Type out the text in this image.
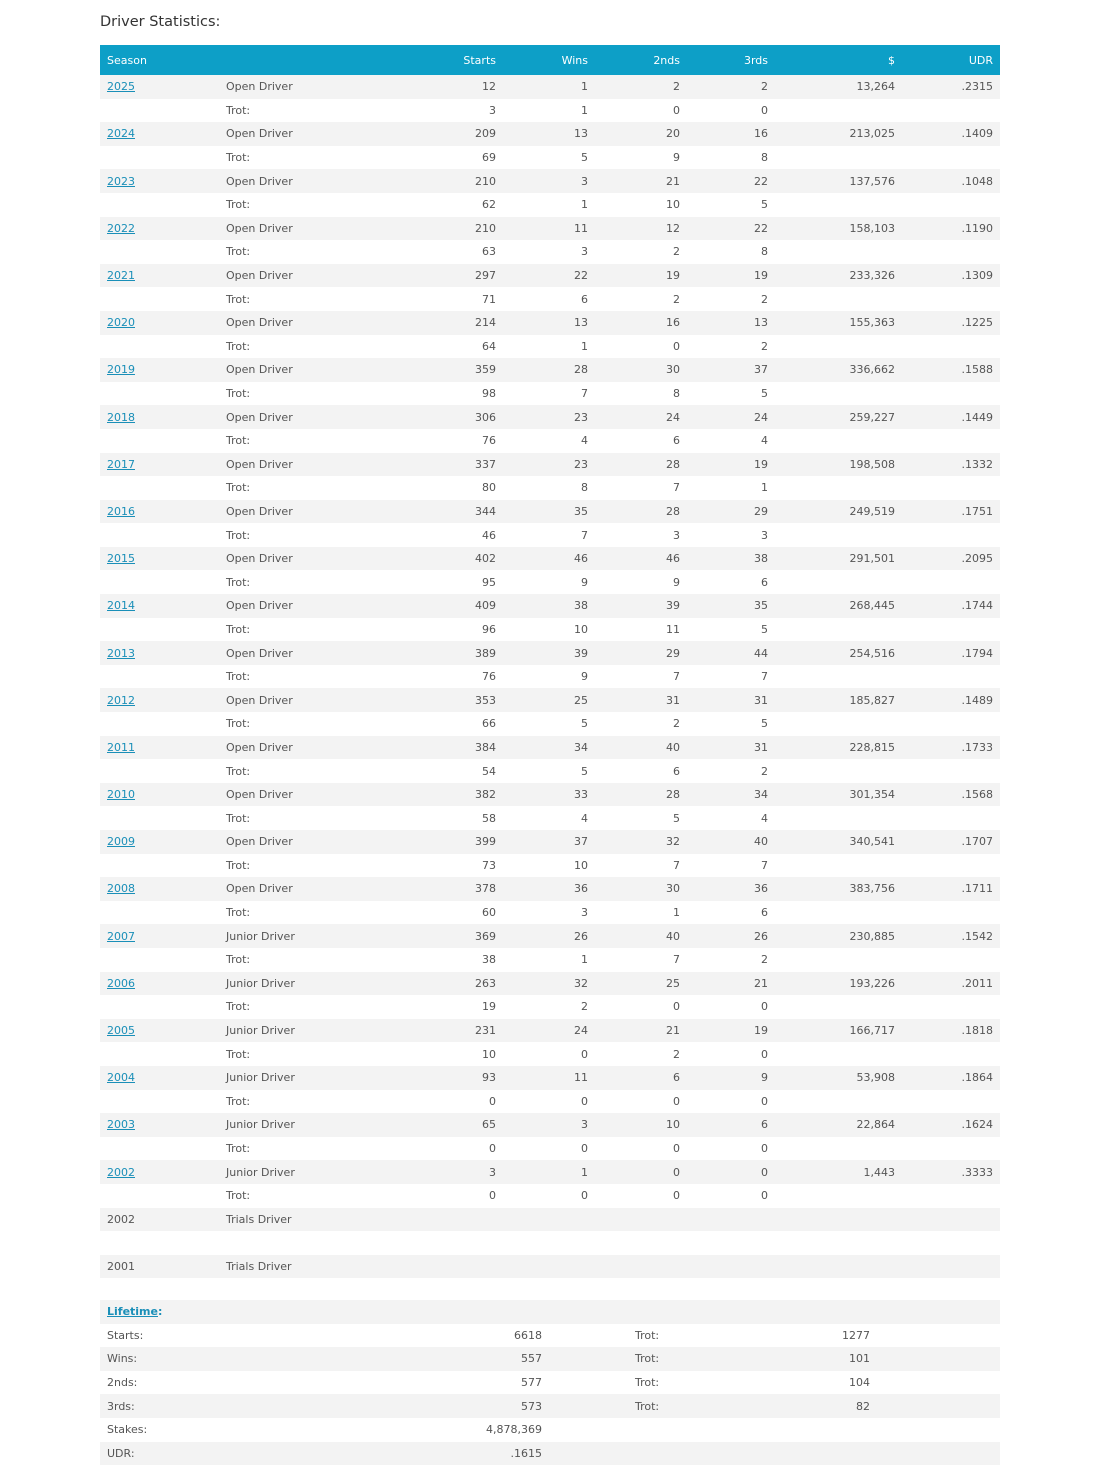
Driver Statistics:
Season		Starts	Wins	2nds	3rds	$	UDR
2025	Open Driver	12	1	2	2	13,264	.2315
	Trot:	3	1	0	0		
2024	Open Driver	209	13	20	16	213,025	.1409
	Trot:	69	5	9	8		
2023	Open Driver	210	3	21	22	137,576	.1048
	Trot:	62	1	10	5		
2022	Open Driver	210	11	12	22	158,103	.1190
	Trot:	63	3	2	8		
2021	Open Driver	297	22	19	19	233,326	.1309
	Trot:	71	6	2	2		
2020	Open Driver	214	13	16	13	155,363	.1225
	Trot:	64	1	0	2		
2019	Open Driver	359	28	30	37	336,662	.1588
	Trot:	98	7	8	5		
2018	Open Driver	306	23	24	24	259,227	.1449
	Trot:	76	4	6	4		
2017	Open Driver	337	23	28	19	198,508	.1332
	Trot:	80	8	7	1		
2016	Open Driver	344	35	28	29	249,519	.1751
	Trot:	46	7	3	3		
2015	Open Driver	402	46	46	38	291,501	.2095
	Trot:	95	9	9	6		
2014	Open Driver	409	38	39	35	268,445	.1744
	Trot:	96	10	11	5		
2013	Open Driver	389	39	29	44	254,516	.1794
	Trot:	76	9	7	7		
2012	Open Driver	353	25	31	31	185,827	.1489
	Trot:	66	5	2	5		
2011	Open Driver	384	34	40	31	228,815	.1733
	Trot:	54	5	6	2		
2010	Open Driver	382	33	28	34	301,354	.1568
	Trot:	58	4	5	4		
2009	Open Driver	399	37	32	40	340,541	.1707
	Trot:	73	10	7	7		
2008	Open Driver	378	36	30	36	383,756	.1711
	Trot:	60	3	1	6		
2007	Junior Driver	369	26	40	26	230,885	.1542
	Trot:	38	1	7	2		
2006	Junior Driver	263	32	25	21	193,226	.2011
	Trot:	19	2	0	0		
2005	Junior Driver	231	24	21	19	166,717	.1818
	Trot:	10	0	2	0		
2004	Junior Driver	93	11	6	9	53,908	.1864
	Trot:	0	0	0	0		
2003	Junior Driver	65	3	10	6	22,864	.1624
	Trot:	0	0	0	0		
2002	Junior Driver	3	1	0	0	1,443	.3333
	Trot:	0	0	0	0		
2002	Trials Driver						

2001	Trials Driver						
Lifetime:				
Starts:	6618	Trot:	1277	
Wins:	557	Trot:	101	
2nds:	577	Trot:	104	
3rds:	573	Trot:	82	
Stakes:	4,878,369			
UDR:	.1615			
